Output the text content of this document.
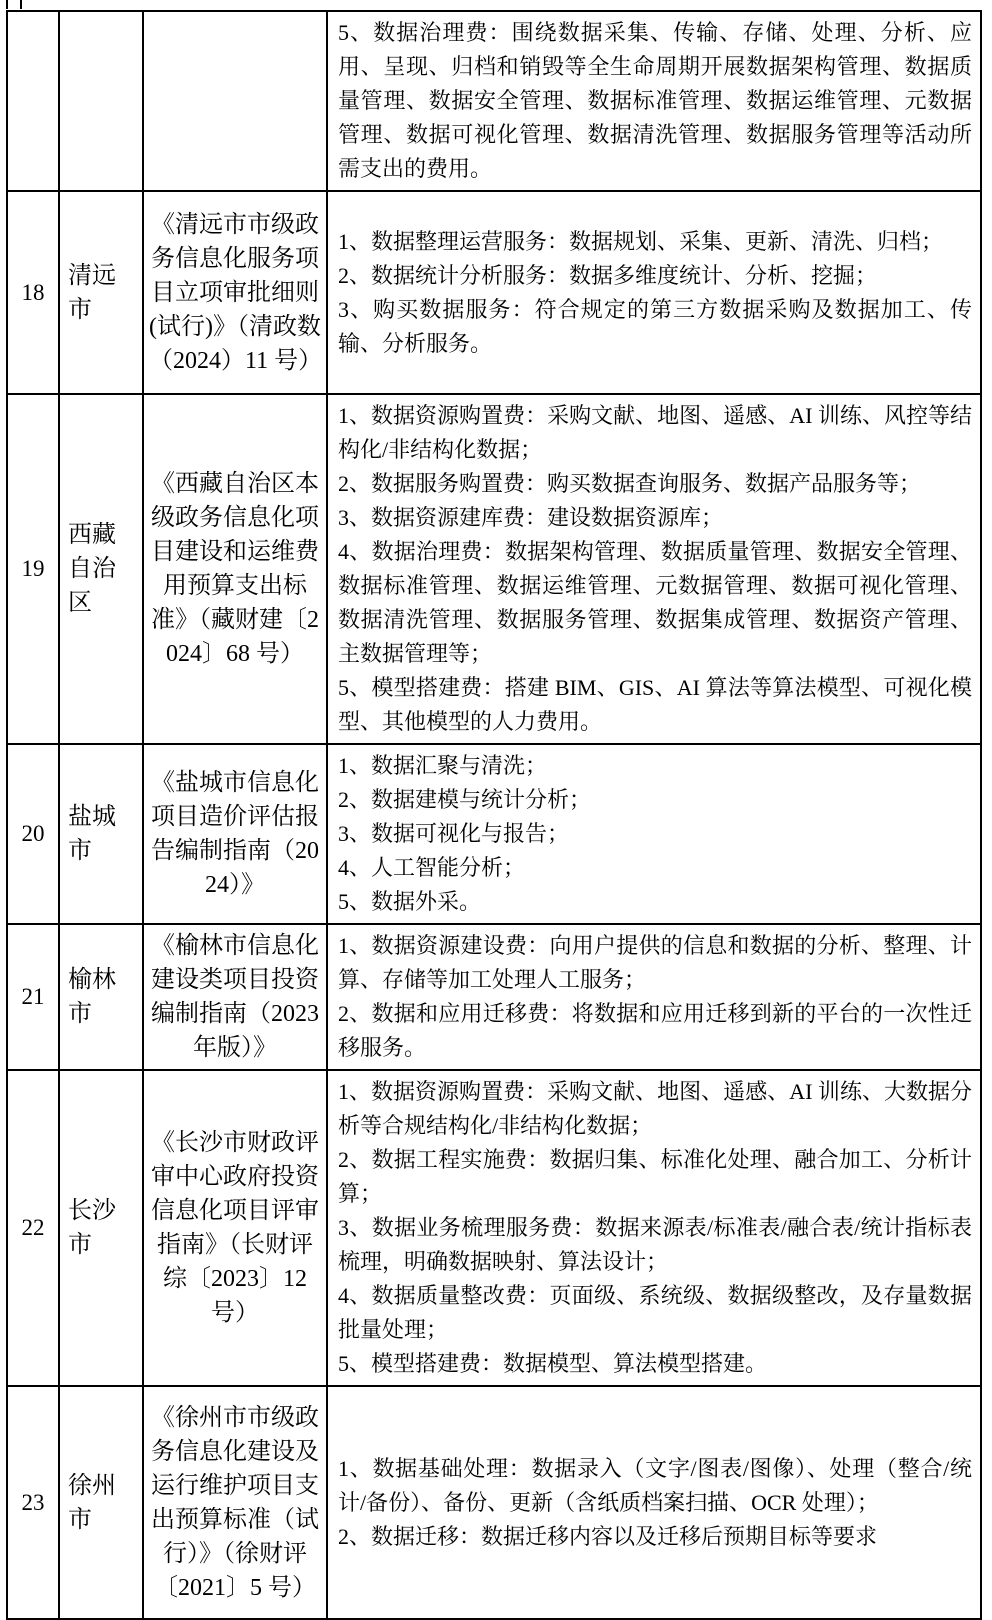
			5、数据治理费：围绕数据采集、传输、存储、处理、分析、应用、呈现、归档和销毁等全生命周期开展数据架构管理、数据质量管理、数据安全管理、数据标准管理、数据运维管理、元数据管理、数据可视化管理、数据清洗管理、数据服务管理等活动所需支出的费用。

18	清远市	《清远市市级政务信息化服务项目立项审批细则(试行)》（清政数（2024）11 号）	1、数据整理运营服务：数据规划、采集、更新、清洗、归档；
2、数据统计分析服务：数据多维度统计、分析、挖掘；
3、购买数据服务：符合规定的第三方数据采购及数据加工、传输、分析服务。

19	西藏自治区	《西藏自治区本级政务信息化项目建设和运维费用预算支出标准》（藏财建〔2024〕68 号）	1、数据资源购置费：采购文献、地图、遥感、AI 训练、风控等结构化/非结构化数据；
2、数据服务购置费：购买数据查询服务、数据产品服务等；
3、数据资源建库费：建设数据资源库；
4、数据治理费：数据架构管理、数据质量管理、数据安全管理、数据标准管理、数据运维管理、元数据管理、数据可视化管理、数据清洗管理、数据服务管理、数据集成管理、数据资产管理、主数据管理等；
5、模型搭建费：搭建 BIM、GIS、AI 算法等算法模型、可视化模型、其他模型的人力费用。

20	盐城市	《盐城市信息化项目造价评估报告编制指南（2024）》	1、数据汇聚与清洗；
2、数据建模与统计分析；
3、数据可视化与报告；
4、人工智能分析；
5、数据外采。

21	榆林市	《榆林市信息化建设类项目投资编制指南（2023 年版）》	1、数据资源建设费：向用户提供的信息和数据的分析、整理、计算、存储等加工处理人工服务；
2、数据和应用迁移费：将数据和应用迁移到新的平台的一次性迁移服务。

22	长沙市	《长沙市财政评审中心政府投资信息化项目评审指南》（长财评综〔2023〕12 号）	1、数据资源购置费：采购文献、地图、遥感、AI 训练、大数据分析等合规结构化/非结构化数据；
2、数据工程实施费：数据归集、标准化处理、融合加工、分析计算；
3、数据业务梳理服务费：数据来源表/标准表/融合表/统计指标表梳理，明确数据映射、算法设计；
4、数据质量整改费：页面级、系统级、数据级整改，及存量数据批量处理；
5、模型搭建费：数据模型、算法模型搭建。

23	徐州市	《徐州市市级政务信息化建设及运行维护项目支出预算标准（试行）》（徐财评〔2021〕5 号）	1、数据基础处理：数据录入（文字/图表/图像）、处理（整合/统计/备份）、备份、更新（含纸质档案扫描、OCR 处理）；
2、数据迁移：数据迁移内容以及迁移后预期目标等要求
